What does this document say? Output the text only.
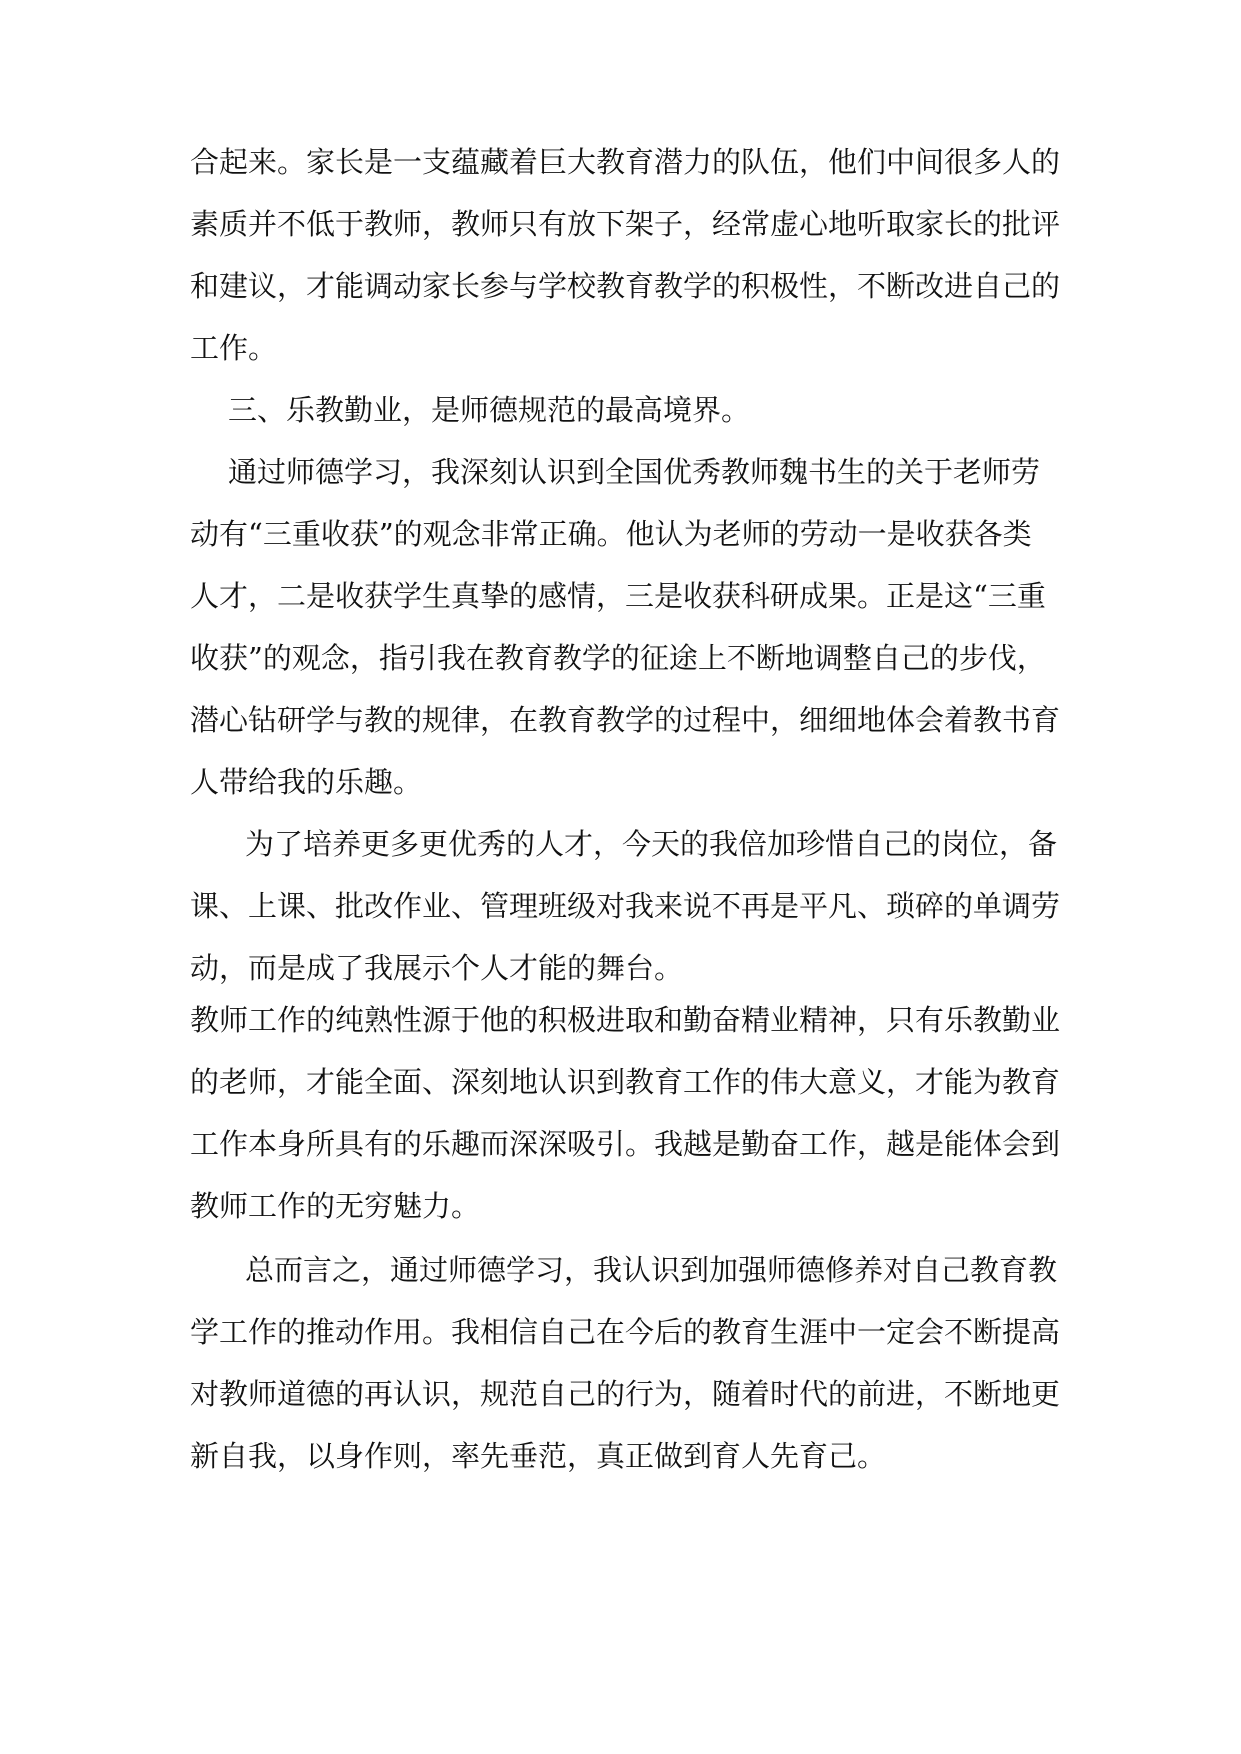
合起来。家长是一支蕴藏着巨大教育潜力的队伍，他们中间很多人的

素质并不低于教师，教师只有放下架子，经常虚心地听取家长的批评

和建议，才能调动家长参与学校教育教学的积极性，不断改进自己的

工作。

三、乐教勤业，是师德规范的最高境界。

通过师德学习，我深刻认识到全国优秀教师魏书生的关于老师劳

动有“三重收获”的观念非常正确。他认为老师的劳动一是收获各类

人才，二是收获学生真挚的感情，三是收获科研成果。正是这“三重

收获”的观念，指引我在教育教学的征途上不断地调整自己的步伐，

潜心钻研学与教的规律，在教育教学的过程中，细细地体会着教书育

人带给我的乐趣。

为了培养更多更优秀的人才，今天的我倍加珍惜自己的岗位，备

课、上课、批改作业、管理班级对我来说不再是平凡、琐碎的单调劳

动，而是成了我展示个人才能的舞台。

教师工作的纯熟性源于他的积极进取和勤奋精业精神，只有乐教勤业

的老师，才能全面、深刻地认识到教育工作的伟大意义，才能为教育

工作本身所具有的乐趣而深深吸引。我越是勤奋工作，越是能体会到

教师工作的无穷魅力。

总而言之，通过师德学习，我认识到加强师德修养对自己教育教

学工作的推动作用。我相信自己在今后的教育生涯中一定会不断提高

对教师道德的再认识，规范自己的行为，随着时代的前进，不断地更

新自我，以身作则，率先垂范，真正做到育人先育己。
